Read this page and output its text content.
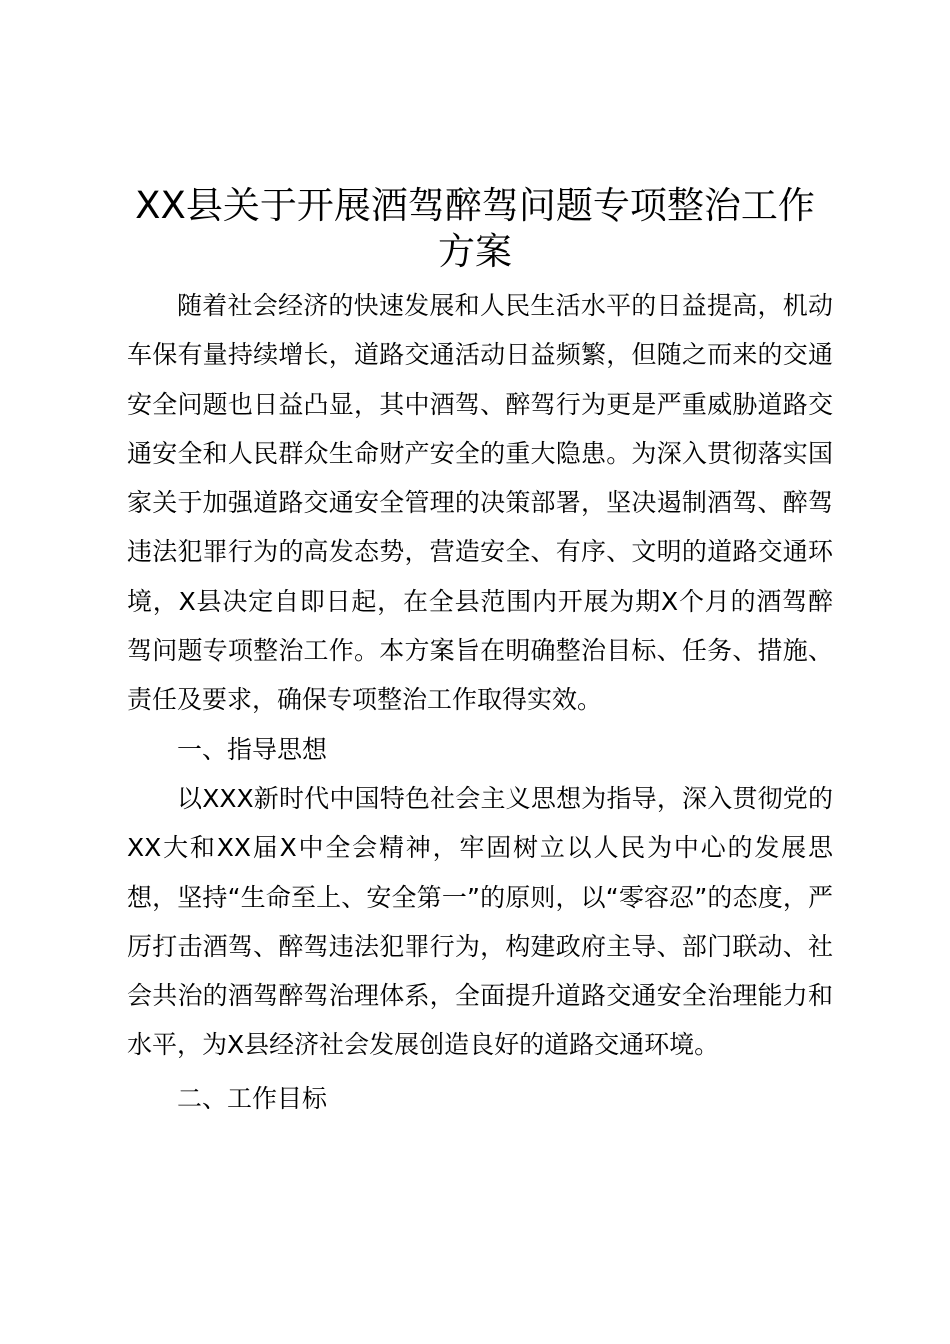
XX县关于开展酒驾醉驾问题专项整治工作方案

随着社会经济的快速发展和人民生活水平的日益提高，机动车保有量持续增长，道路交通活动日益频繁，但随之而来的交通安全问题也日益凸显，其中酒驾、醉驾行为更是严重威胁道路交通安全和人民群众生命财产安全的重大隐患。为深入贯彻落实国家关于加强道路交通安全管理的决策部署，坚决遏制酒驾、醉驾违法犯罪行为的高发态势，营造安全、有序、文明的道路交通环境，X县决定自即日起，在全县范围内开展为期X个月的酒驾醉驾问题专项整治工作。本方案旨在明确整治目标、任务、措施、责任及要求，确保专项整治工作取得实效。

一、指导思想

以XXX新时代中国特色社会主义思想为指导，深入贯彻党的XX大和XX届X中全会精神，牢固树立以人民为中心的发展思想，坚持“生命至上、安全第一”的原则，以“零容忍”的态度，严厉打击酒驾、醉驾违法犯罪行为，构建政府主导、部门联动、社会共治的酒驾醉驾治理体系，全面提升道路交通安全治理能力和水平，为X县经济社会发展创造良好的道路交通环境。

二、工作目标
